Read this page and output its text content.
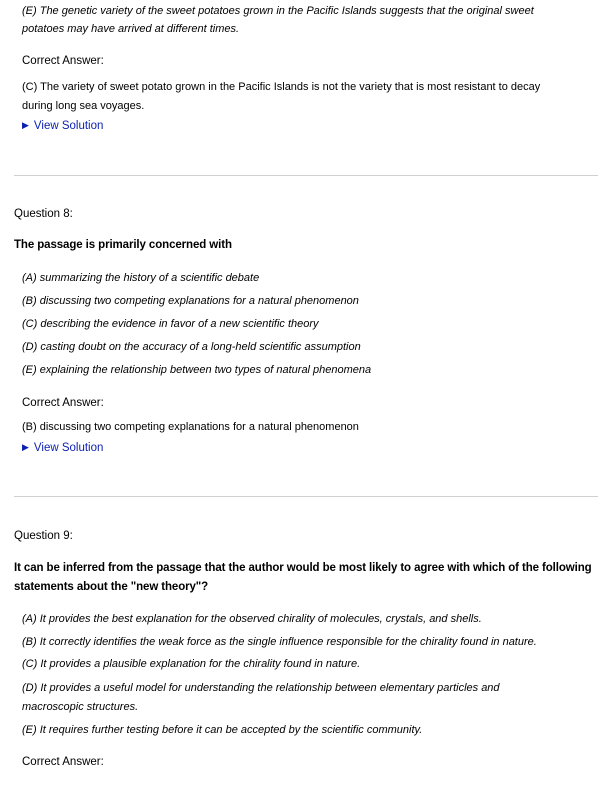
(E) The genetic variety of the sweet potatoes grown in the Pacific Islands suggests that the original sweet
potatoes may have arrived at different times.
Correct Answer:
(C) The variety of sweet potato grown in the Pacific Islands is not the variety that is most resistant to decay
during long sea voyages.
▶ View Solution
Question 8:
The passage is primarily concerned with
(A) summarizing the history of a scientific debate
(B) discussing two competing explanations for a natural phenomenon
(C) describing the evidence in favor of a new scientific theory
(D) casting doubt on the accuracy of a long-held scientific assumption
(E) explaining the relationship between two types of natural phenomena
Correct Answer:
(B) discussing two competing explanations for a natural phenomenon
▶ View Solution
Question 9:
It can be inferred from the passage that the author would be most likely to agree with which of the following
statements about the "new theory"?
(A) It provides the best explanation for the observed chirality of molecules, crystals, and shells.
(B) It correctly identifies the weak force as the single influence responsible for the chirality found in nature.
(C) It provides a plausible explanation for the chirality found in nature.
(D) It provides a useful model for understanding the relationship between elementary particles and
macroscopic structures.
(E) It requires further testing before it can be accepted by the scientific community.
Correct Answer:
